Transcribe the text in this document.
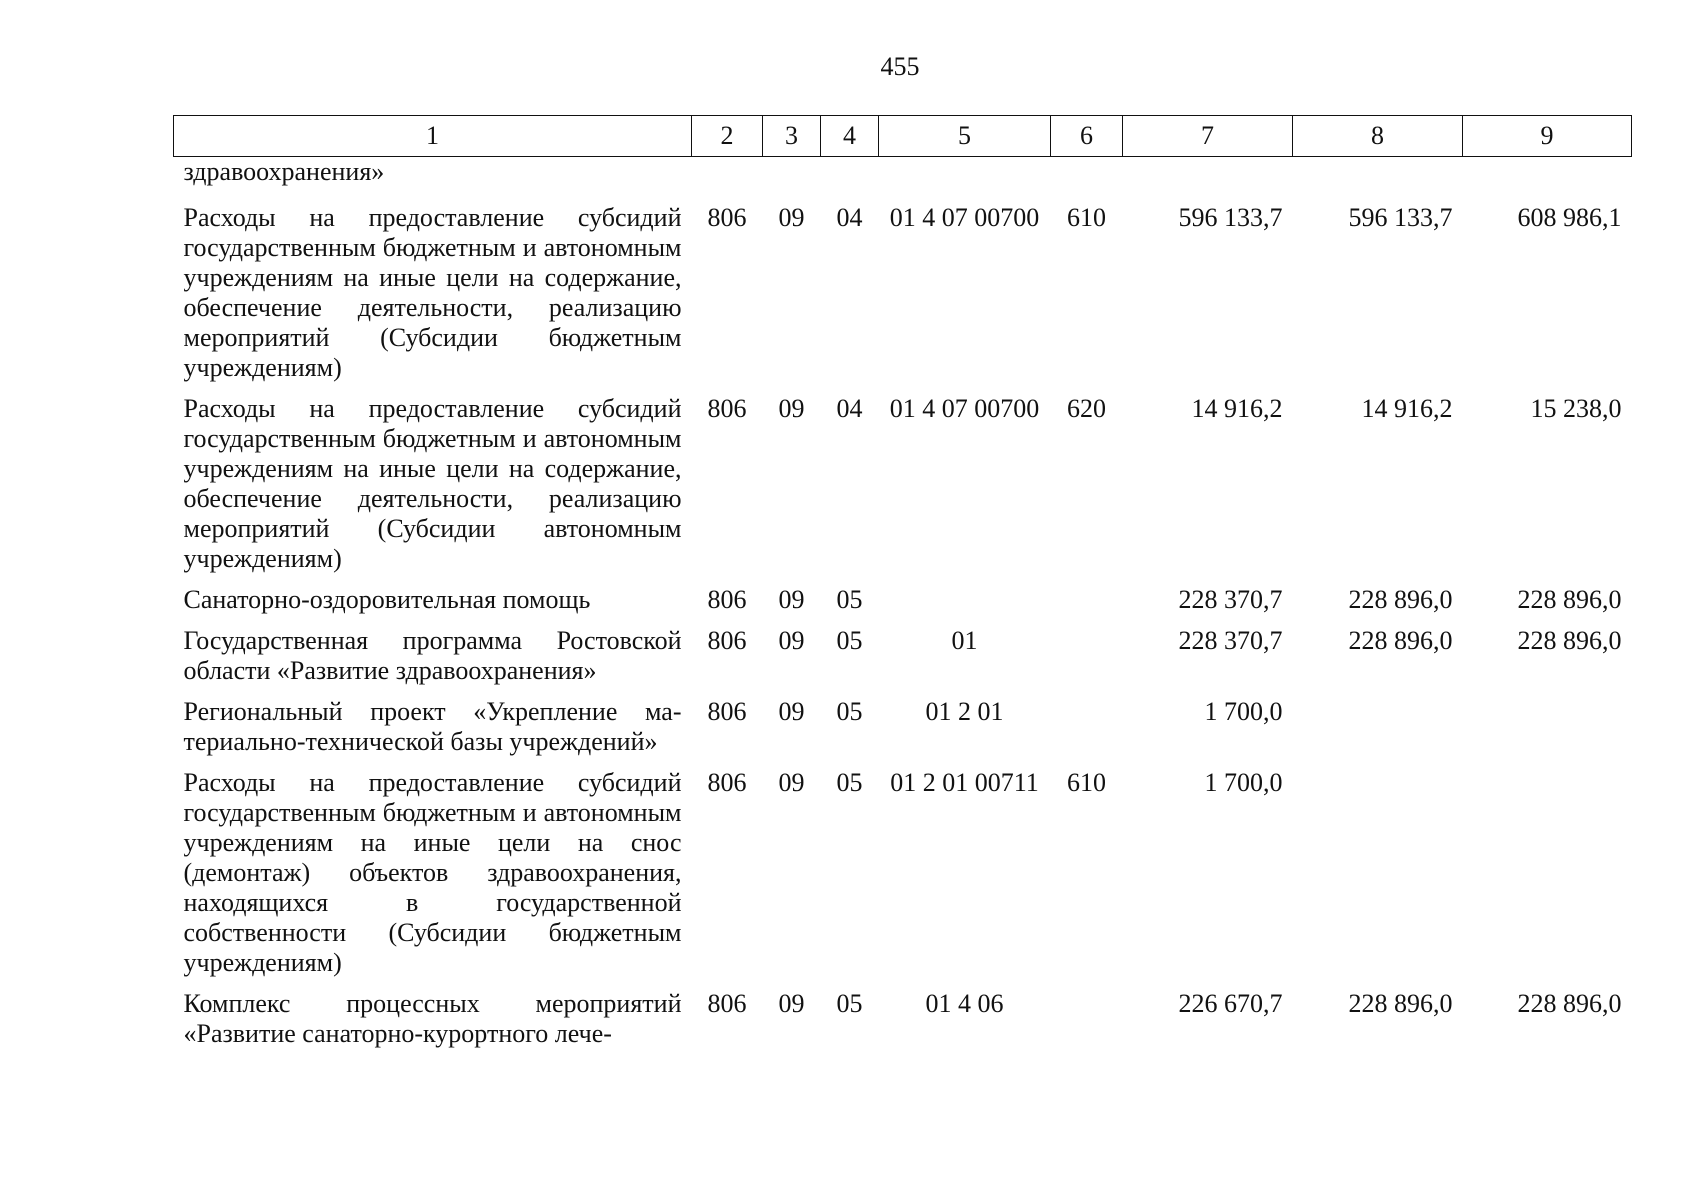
455
1	2	3	4	5	6	7	8	9
здравоохранения»								
Расходы на предоставление субсидий государственным бюджетным и автономным учреждениям на иные цели на содержание, обеспечение деятельности, реализацию мероприятий (Субсидии бюджетным учреждениям)	806	09	04	01 4 07 00700	610	596 133,7	596 133,7	608 986,1
Расходы на предоставление субсидий государственным бюджетным и автономным учреждениям на иные цели на содержание, обеспечение деятельности, реализацию мероприятий (Субсидии автономным учреждениям)	806	09	04	01 4 07 00700	620	14 916,2	14 916,2	15 238,0
Санаторно-оздоровительная помощь	806	09	05			228 370,7	228 896,0	228 896,0
Государственная программа Ростовской области «Развитие здравоохранения»	806	09	05	01		228 370,7	228 896,0	228 896,0
Региональный проект «Укрепление материально-технической базы учреждений»	806	09	05	01 2 01		1 700,0		
Расходы на предоставление субсидий государственным бюджетным и автономным учреждениям на иные цели на снос (демонтаж) объектов здравоохранения, находящихся в государственной собственности (Субсидии бюджетным учреждениям)	806	09	05	01 2 01 00711	610	1 700,0		
Комплекс процессных мероприятий «Развитие санаторно-курортного лече-	806	09	05	01 4 06		226 670,7	228 896,0	228 896,0
